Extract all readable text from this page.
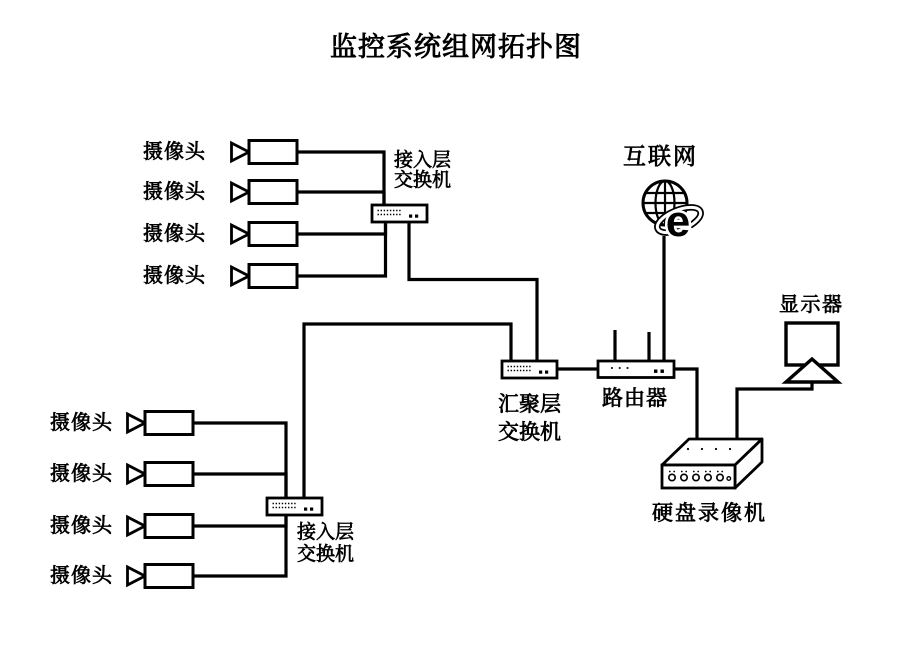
e
监控系统组网拓扑图
互联网
摄像头
摄像头
摄像头
摄像头
摄像头
摄像头
摄像头
摄像头
接入层
交换机
接入层
交换机
汇聚层
交换机
路由器
显示器
硬盘录像机
